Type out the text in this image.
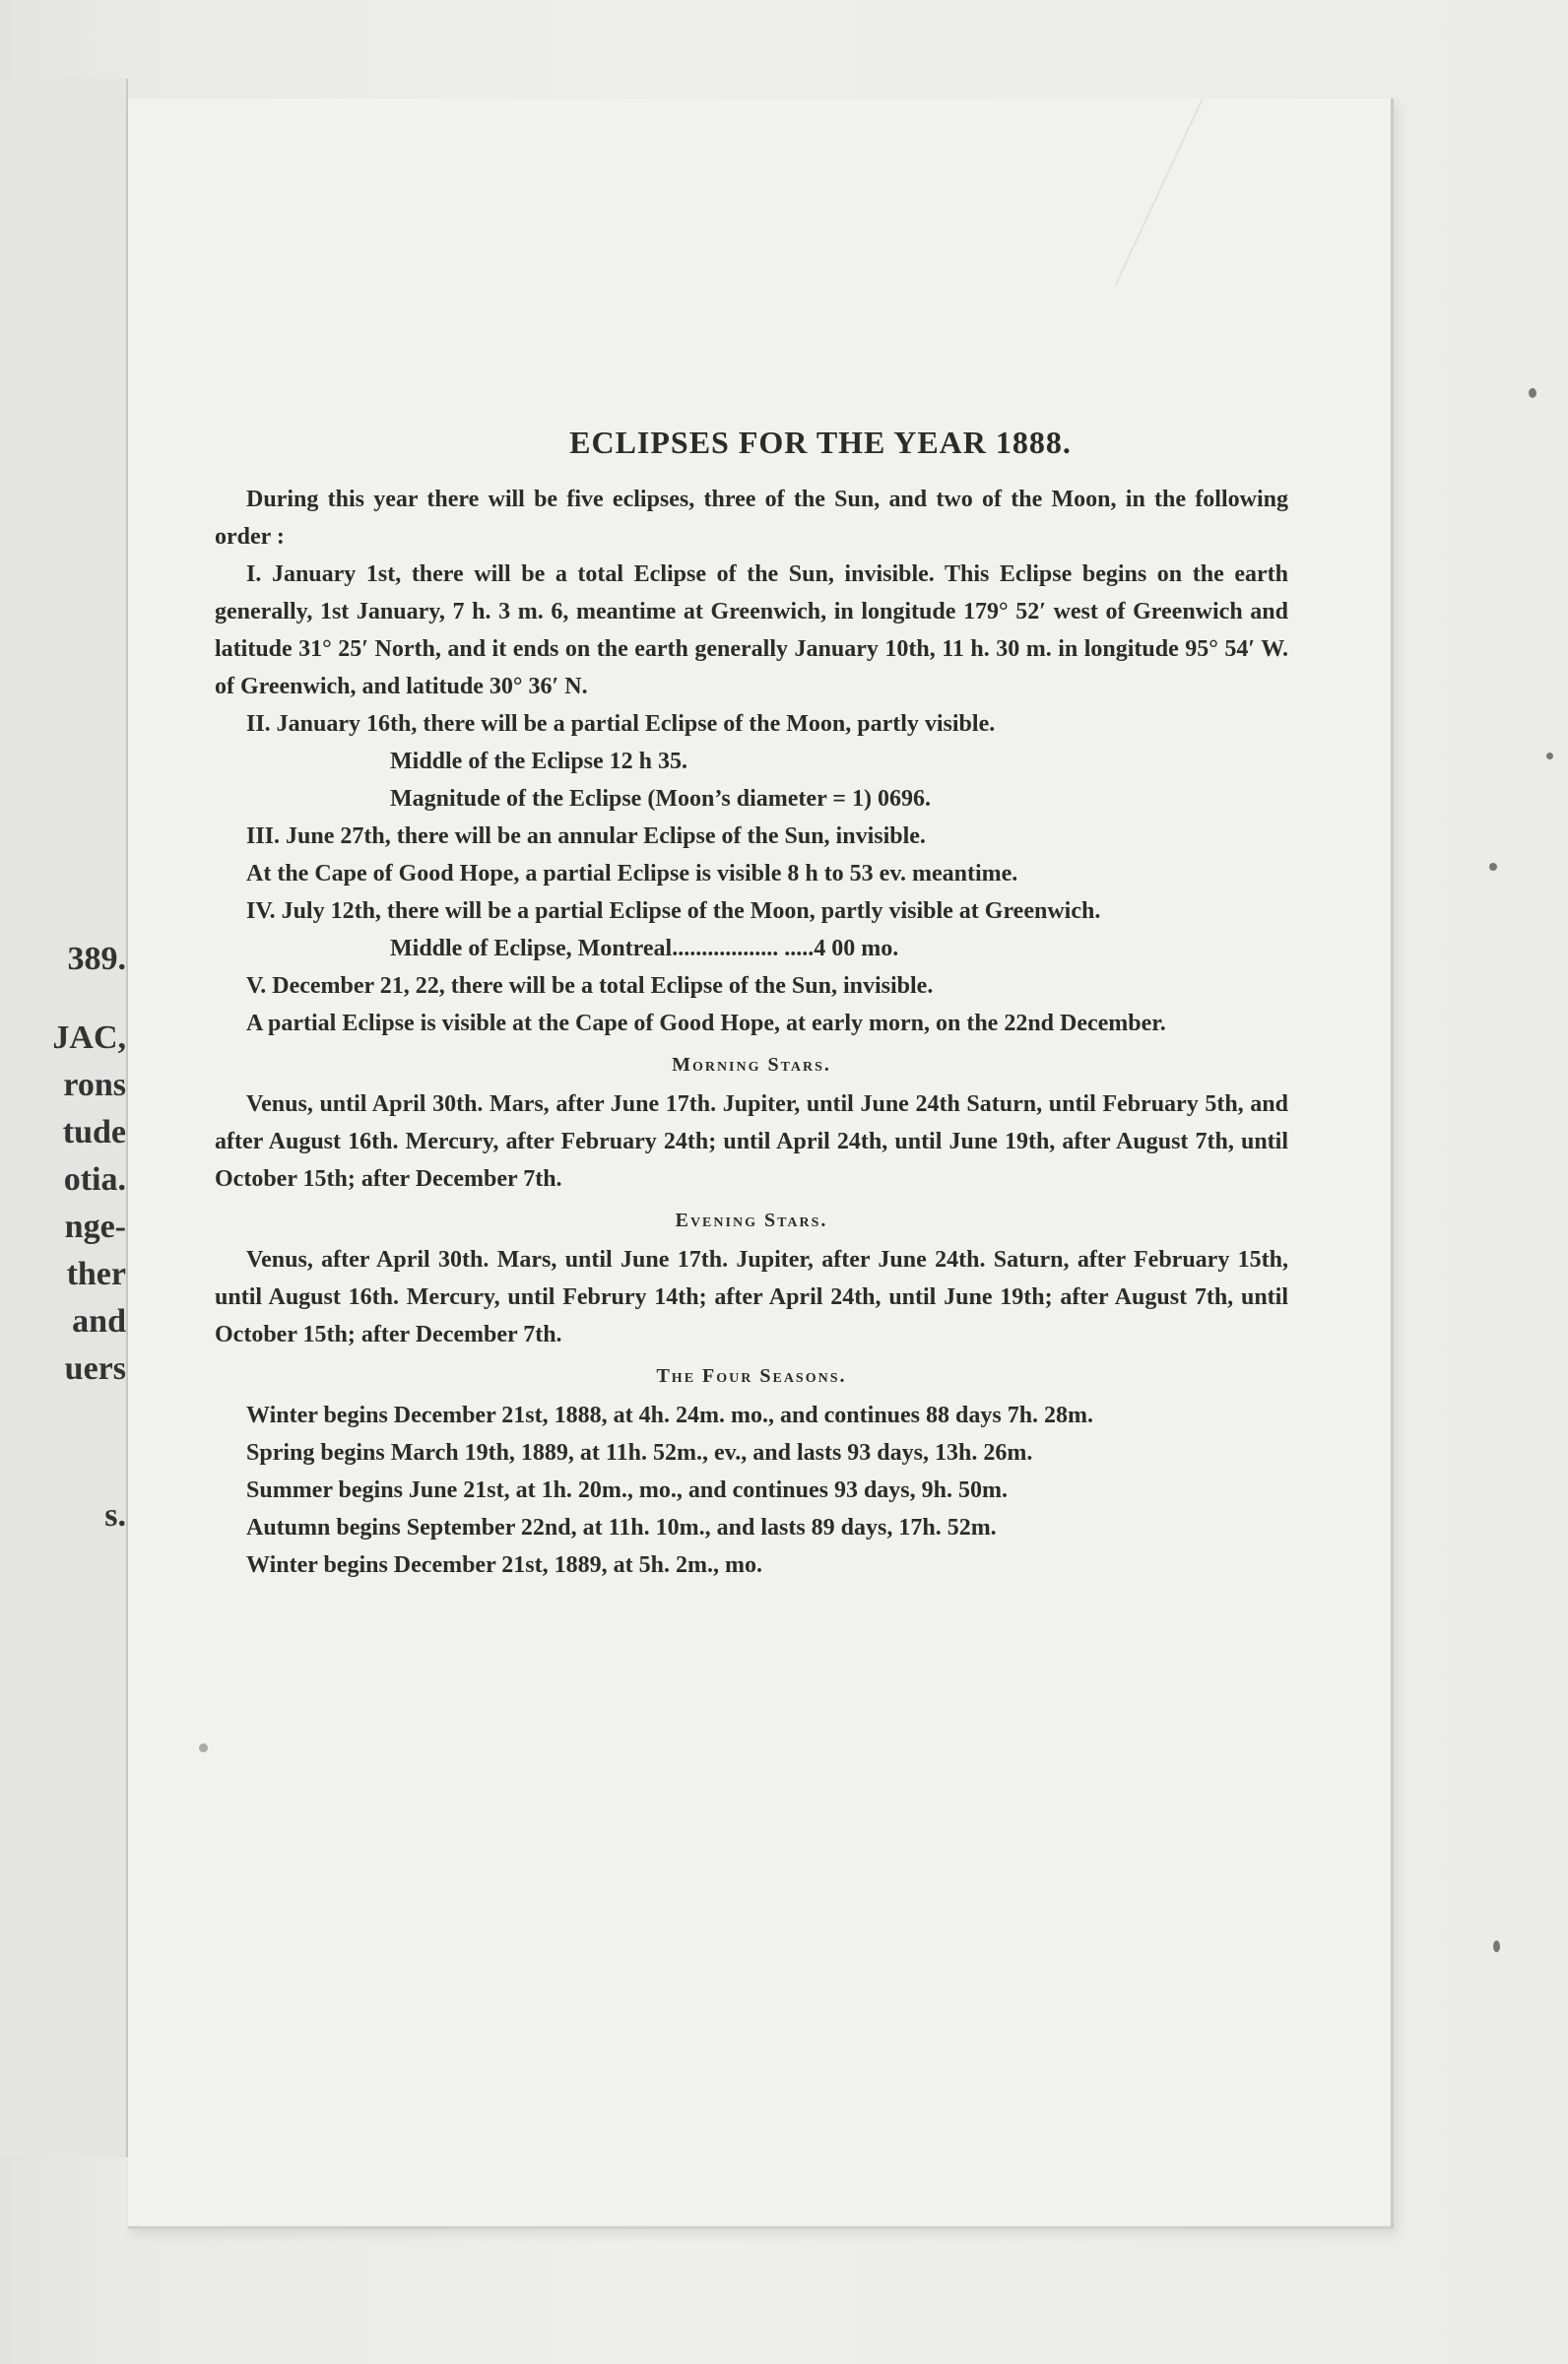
389.
JAC,
rons
tude
otia.
nge-
ther
and
uers
s.
ECLIPSES FOR THE YEAR 1888.

During this year there will be five eclipses, three of the Sun, and two of the Moon, in the following order :

I. January 1st, there will be a total Eclipse of the Sun, invisible. This Eclipse begins on the earth generally, 1st January, 7 h. 3 m. 6, meantime at Greenwich, in longitude 179° 52′ west of Greenwich and latitude 31° 25′ North, and it ends on the earth generally January 10th, 11 h. 30 m. in longitude 95° 54′ W. of Greenwich, and latitude 30° 36′ N.

II. January 16th, there will be a partial Eclipse of the Moon, partly visible.

Middle of the Eclipse 12 h 35.

Magnitude of the Eclipse (Moon’s diameter = 1) 0696.

III. June 27th, there will be an annular Eclipse of the Sun, invisible.

At the Cape of Good Hope, a partial Eclipse is visible 8 h to 53 ev. meantime.

IV. July 12th, there will be a partial Eclipse of the Moon, partly visible at Greenwich.

Middle of Eclipse, Montreal.................. .....4 00 mo.

V. December 21, 22, there will be a total Eclipse of the Sun, invisible.

A partial Eclipse is visible at the Cape of Good Hope, at early morn, on the 22nd December.

Morning Stars.

Venus, until April 30th. Mars, after June 17th. Jupiter, until June 24th Saturn, until February 5th, and after August 16th. Mercury, after February 24th; until April 24th, until June 19th, after August 7th, until October 15th; after December 7th.

Evening Stars.

Venus, after April 30th. Mars, until June 17th. Jupiter, after June 24th. Saturn, after February 15th, until August 16th. Mercury, until Februry 14th; after April 24th, until June 19th; after August 7th, until October 15th; after December 7th.

The Four Seasons.

Winter begins December 21st, 1888, at 4h. 24m. mo., and continues 88 days 7h. 28m.

Spring begins March 19th, 1889, at 11h. 52m., ev., and lasts 93 days, 13h. 26m.

Summer begins June 21st, at 1h. 20m., mo., and continues 93 days, 9h. 50m.

Autumn begins September 22nd, at 11h. 10m., and lasts 89 days, 17h. 52m.

Winter begins December 21st, 1889, at 5h. 2m., mo.
